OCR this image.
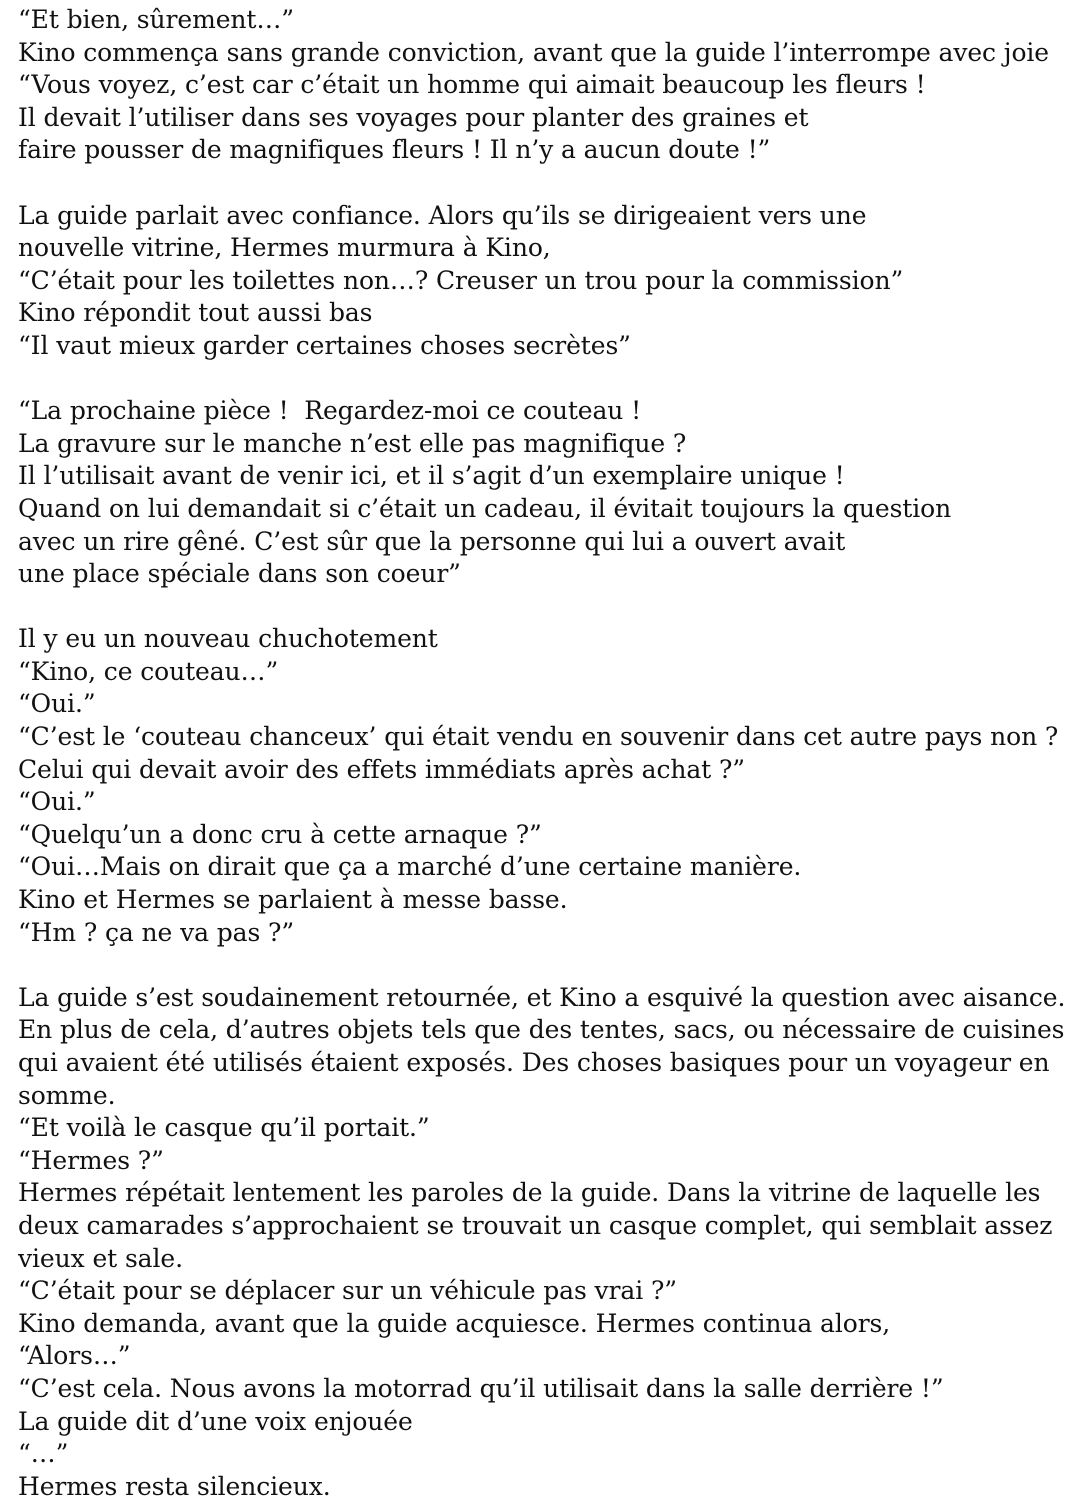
“Et bien, sûrement…”
Kino commença sans grande conviction, avant que la guide l’interrompe avec joie
“Vous voyez, c’est car c’était un homme qui aimait beaucoup les fleurs !
Il devait l’utiliser dans ses voyages pour planter des graines et
faire pousser de magnifiques fleurs ! Il n’y a aucun doute !”
La guide parlait avec confiance. Alors qu’ils se dirigeaient vers une
nouvelle vitrine, Hermes murmura à Kino,
“C’était pour les toilettes non…? Creuser un trou pour la commission”
Kino répondit tout aussi bas
“Il vaut mieux garder certaines choses secrètes”
“La prochaine pièce !  Regardez-moi ce couteau !
La gravure sur le manche n’est elle pas magnifique ?
Il l’utilisait avant de venir ici, et il s’agit d’un exemplaire unique !
Quand on lui demandait si c’était un cadeau, il évitait toujours la question
avec un rire gêné. C’est sûr que la personne qui lui a ouvert avait
une place spéciale dans son coeur”
Il y eu un nouveau chuchotement
“Kino, ce couteau…”
“Oui.”
“C’est le ‘couteau chanceux’ qui était vendu en souvenir dans cet autre pays non ?
Celui qui devait avoir des effets immédiats après achat ?”
“Oui.”
“Quelqu’un a donc cru à cette arnaque ?”
“Oui…Mais on dirait que ça a marché d’une certaine manière.
Kino et Hermes se parlaient à messe basse.
“Hm ? ça ne va pas ?”
La guide s’est soudainement retournée, et Kino a esquivé la question avec aisance.
En plus de cela, d’autres objets tels que des tentes, sacs, ou nécessaire de cuisines
qui avaient été utilisés étaient exposés. Des choses basiques pour un voyageur en
somme.
“Et voilà le casque qu’il portait.”
“Hermes ?”
Hermes répétait lentement les paroles de la guide. Dans la vitrine de laquelle les
deux camarades s’approchaient se trouvait un casque complet, qui semblait assez
vieux et sale.
“C’était pour se déplacer sur un véhicule pas vrai ?”
Kino demanda, avant que la guide acquiesce. Hermes continua alors,
“Alors…”
“C’est cela. Nous avons la motorrad qu’il utilisait dans la salle derrière !”
La guide dit d’une voix enjouée
“…”
Hermes resta silencieux.
